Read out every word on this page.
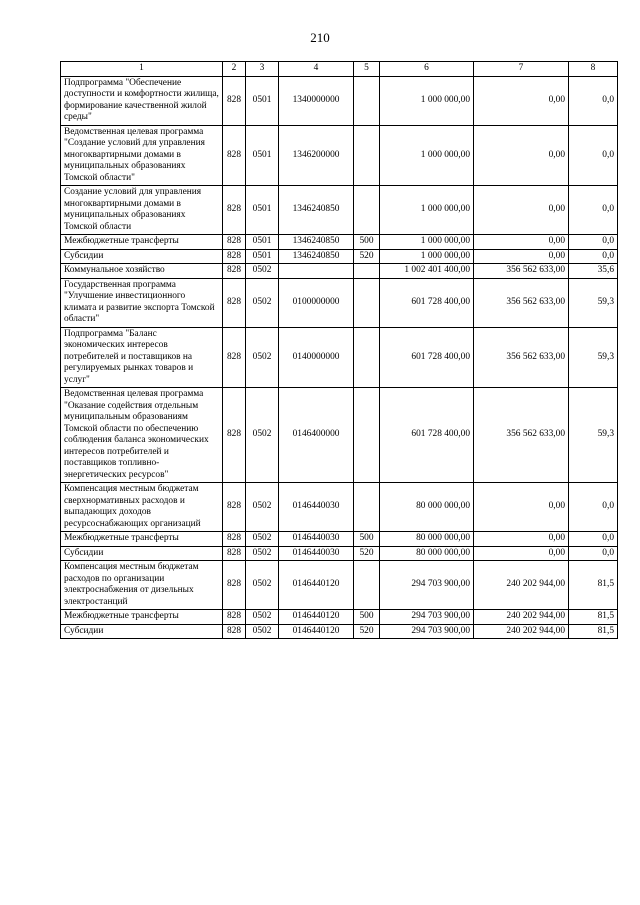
210
1	2	3	4	5	6	7	8
Подпрограмма "Обеспечение доступности и комфортности жилища, формирование качественной жилой среды"	828	0501	1340000000		1 000 000,00	0,00	0,0
Ведомственная целевая программа "Создание условий для управления многоквартирными домами в муниципальных образованиях Томской области"	828	0501	1346200000		1 000 000,00	0,00	0,0
Создание условий для управления многоквартирными домами в муниципальных образованиях Томской области	828	0501	1346240850		1 000 000,00	0,00	0,0
Межбюджетные трансферты	828	0501	1346240850	500	1 000 000,00	0,00	0,0
Субсидии	828	0501	1346240850	520	1 000 000,00	0,00	0,0
Коммунальное хозяйство	828	0502			1 002 401 400,00	356 562 633,00	35,6
Государственная программа "Улучшение инвестиционного климата и развитие экспорта Томской области"	828	0502	0100000000		601 728 400,00	356 562 633,00	59,3
Подпрограмма "Баланс экономических интересов потребителей и поставщиков на регулируемых рынках товаров и услуг"	828	0502	0140000000		601 728 400,00	356 562 633,00	59,3
Ведомственная целевая программа "Оказание содействия отдельным муниципальным образованиям Томской области по обеспечению соблюдения баланса экономических интересов потребителей и поставщиков топливно-энергетических ресурсов"	828	0502	0146400000		601 728 400,00	356 562 633,00	59,3
Компенсация местным бюджетам сверхнормативных расходов и выпадающих доходов ресурсоснабжающих организаций	828	0502	0146440030		80 000 000,00	0,00	0,0
Межбюджетные трансферты	828	0502	0146440030	500	80 000 000,00	0,00	0,0
Субсидии	828	0502	0146440030	520	80 000 000,00	0,00	0,0
Компенсация местным бюджетам расходов по организации электроснабжения от дизельных электростанций	828	0502	0146440120		294 703 900,00	240 202 944,00	81,5
Межбюджетные трансферты	828	0502	0146440120	500	294 703 900,00	240 202 944,00	81,5
Субсидии	828	0502	0146440120	520	294 703 900,00	240 202 944,00	81,5
